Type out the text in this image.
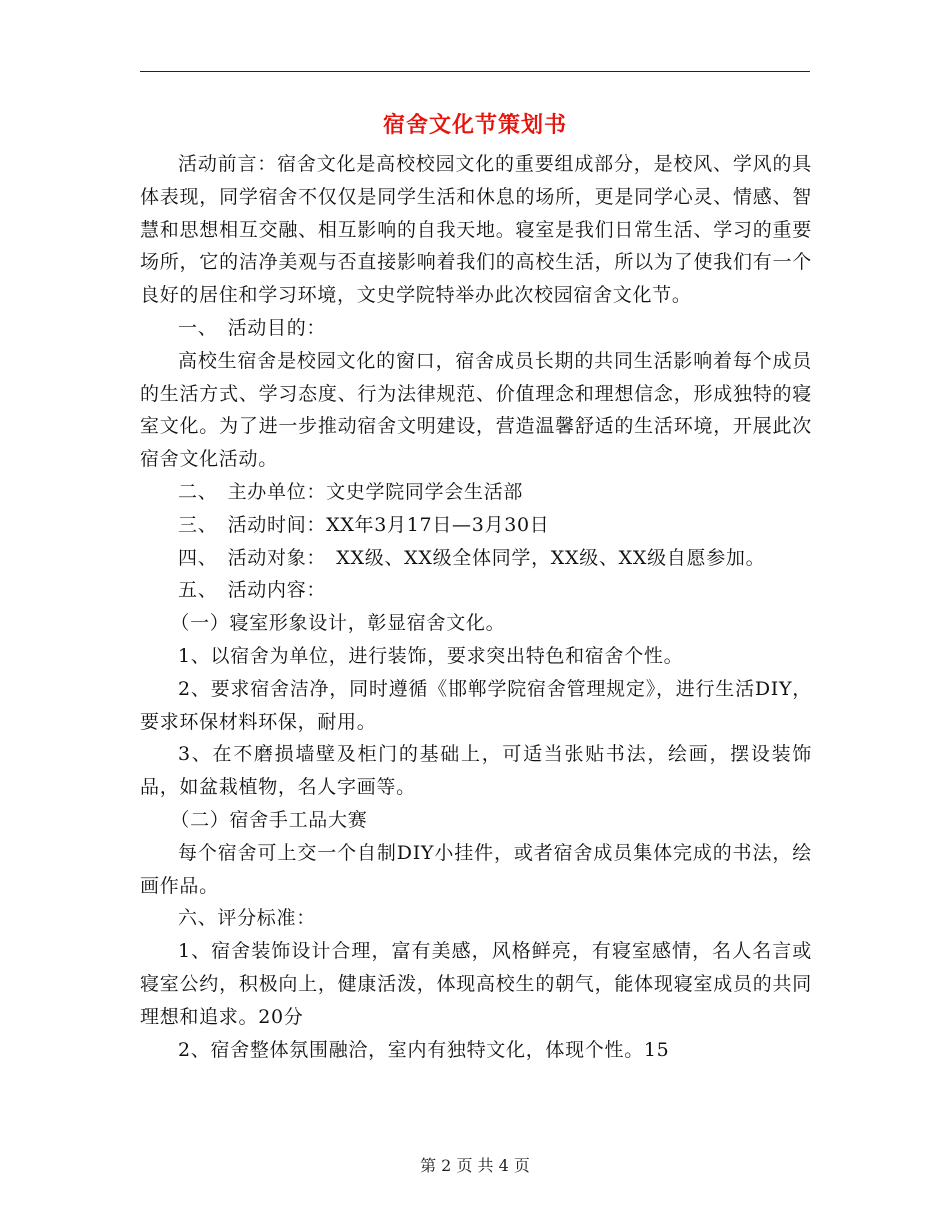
宿舍文化节策划书

活动前言：宿舍文化是高校校园文化的重要组成部分，是校风、学风的具体表现，同学宿舍不仅仅是同学生活和休息的场所，更是同学心灵、情感、智慧和思想相互交融、相互影响的自我天地。寝室是我们日常生活、学习的重要场所，它的洁净美观与否直接影响着我们的高校生活，所以为了使我们有一个良好的居住和学习环境，文史学院特举办此次校园宿舍文化节。

一、　活动目的：

高校生宿舍是校园文化的窗口，宿舍成员长期的共同生活影响着每个成员的生活方式、学习态度、行为法律规范、价值理念和理想信念，形成独特的寝室文化。为了进一步推动宿舍文明建设，营造温馨舒适的生活环境，开展此次宿舍文化活动。

二、　主办单位：文史学院同学会生活部

三、　活动时间：XX年3月17日—3月30日

四、　活动对象：　XX级、XX级全体同学，XX级、XX级自愿参加。

五、　活动内容：

（一）寝室形象设计，彰显宿舍文化。

1、以宿舍为单位，进行装饰，要求突出特色和宿舍个性。

2、要求宿舍洁净，同时遵循《邯郸学院宿舍管理规定》，进行生活DIY，要求环保材料环保，耐用。

3、在不磨损墙壁及柜门的基础上，可适当张贴书法，绘画，摆设装饰品，如盆栽植物，名人字画等。

（二）宿舍手工品大赛

每个宿舍可上交一个自制DIY小挂件，或者宿舍成员集体完成的书法，绘画作品。

六、评分标准：

1、宿舍装饰设计合理，富有美感，风格鲜亮，有寝室感情，名人名言或寝室公约，积极向上，健康活泼，体现高校生的朝气，能体现寝室成员的共同理想和追求。20分

2、宿舍整体氛围融洽，室内有独特文化，体现个性。15

第 2 页 共 4 页
